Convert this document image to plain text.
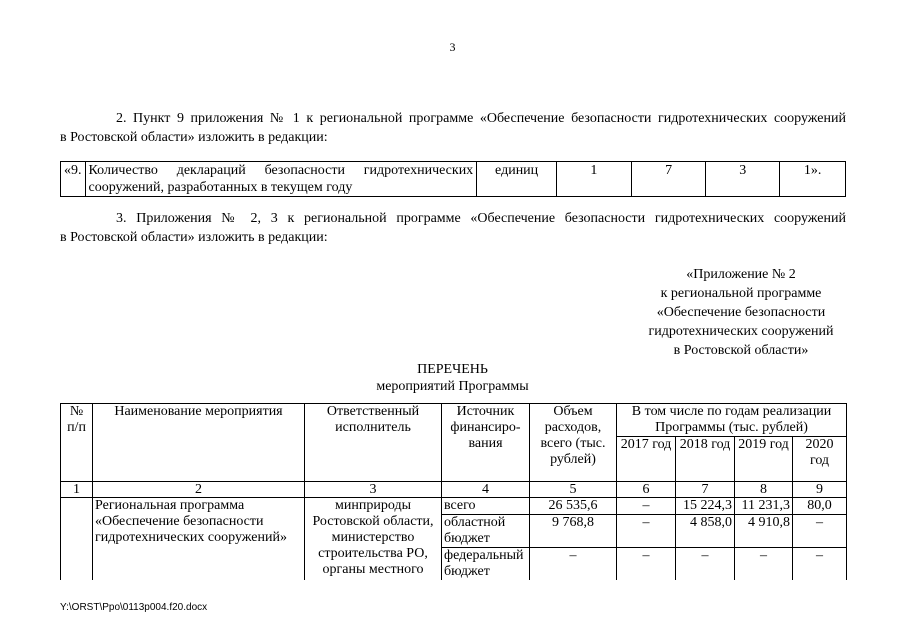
3
2. Пункт 9 приложения № 1 к региональной программе «Обеспечение безопасности гидротехнических сооружений
в Ростовской области» изложить в редакции:
«9.	Количество деклараций безопасности гидротехнических
сооружений, разработанных в текущем году	единиц	1	7	3	1».
3. Приложения № 2, 3 к региональной программе «Обеспечение безопасности гидротехнических сооружений
в Ростовской области» изложить в редакции:
«Приложение № 2
к региональной программе
«Обеспечение безопасности
гидротехнических сооружений
в Ростовской области»
ПЕРЕЧЕНЬ
мероприятий Программы
№ п/п	Наименование мероприятия	Ответственный исполнитель	Источник финансиро-вания	Объем расходов, всего (тыс. рублей)	В том числе по годам реализации Программы (тыс. рублей)			
					2017 год	2018 год	2019 год	2020 год
1	2	3	4	5	6	7	8	9
	Региональная программа «Обеспечение безопасности гидротехнических сооружений»	минприроды Ростовской области, министерство строительства РО, органы местного	всего	26 535,6	–	15 224,3	11 231,3	80,0
			областной бюджет	9 768,8	–	4 858,0	4 910,8	–
			федеральный бюджет	–	–	–	–	–
Y:\ORST\Ppo\0113p004.f20.docx
